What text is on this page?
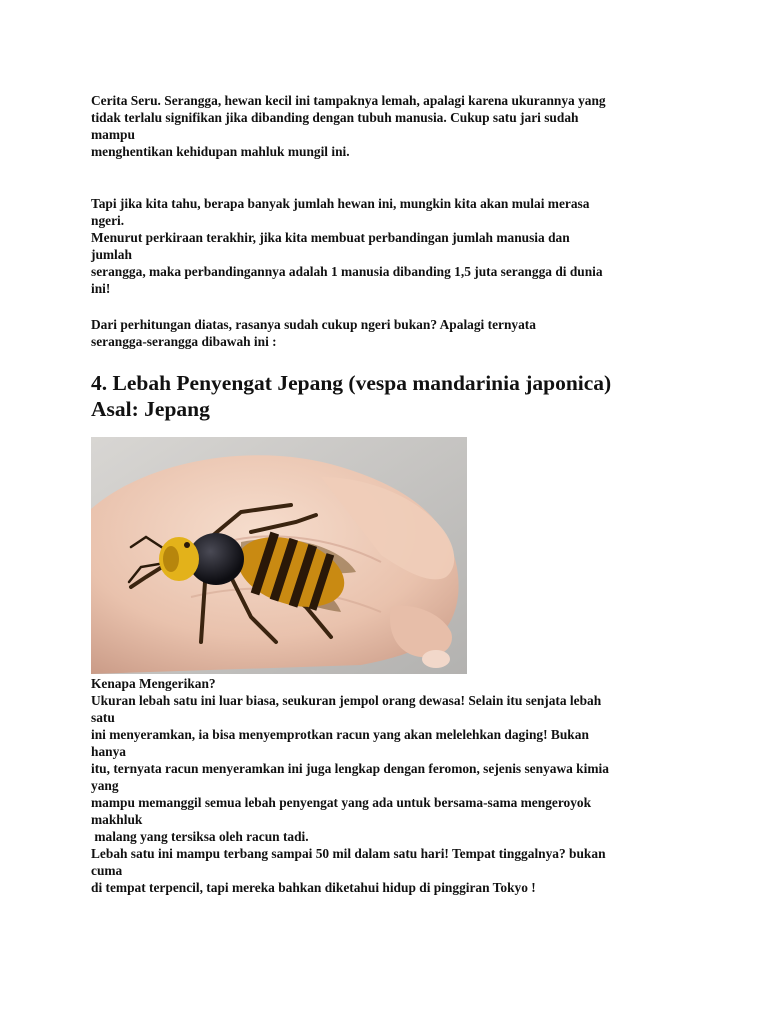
Cerita Seru. Serangga, hewan kecil ini tampaknya lemah, apalagi karena ukurannya yang
tidak terlalu signifikan jika dibanding dengan tubuh manusia. Cukup satu jari sudah
mampu
menghentikan kehidupan mahluk mungil ini.
Tapi jika kita tahu, berapa banyak jumlah hewan ini, mungkin kita akan mulai merasa
ngeri.
Menurut perkiraan terakhir, jika kita membuat perbandingan jumlah manusia dan
jumlah
serangga, maka perbandingannya adalah 1 manusia dibanding 1,5 juta serangga di dunia
ini!
Dari perhitungan diatas, rasanya sudah cukup ngeri bukan? Apalagi ternyata
serangga-serangga dibawah ini :
4. Lebah Penyengat Jepang (vespa mandarinia japonica)
Asal: Jepang
Kenapa Mengerikan?
Ukuran lebah satu ini luar biasa, seukuran jempol orang dewasa! Selain itu senjata lebah
satu
ini menyeramkan, ia bisa menyemprotkan racun yang akan melelehkan daging! Bukan
hanya
itu, ternyata racun menyeramkan ini juga lengkap dengan feromon, sejenis senyawa kimia
yang
mampu memanggil semua lebah penyengat yang ada untuk bersama-sama mengeroyok
makhluk
malang yang tersiksa oleh racun tadi.
Lebah satu ini mampu terbang sampai 50 mil dalam satu hari! Tempat tinggalnya? bukan
cuma
di tempat terpencil, tapi mereka bahkan diketahui hidup di pinggiran Tokyo !
